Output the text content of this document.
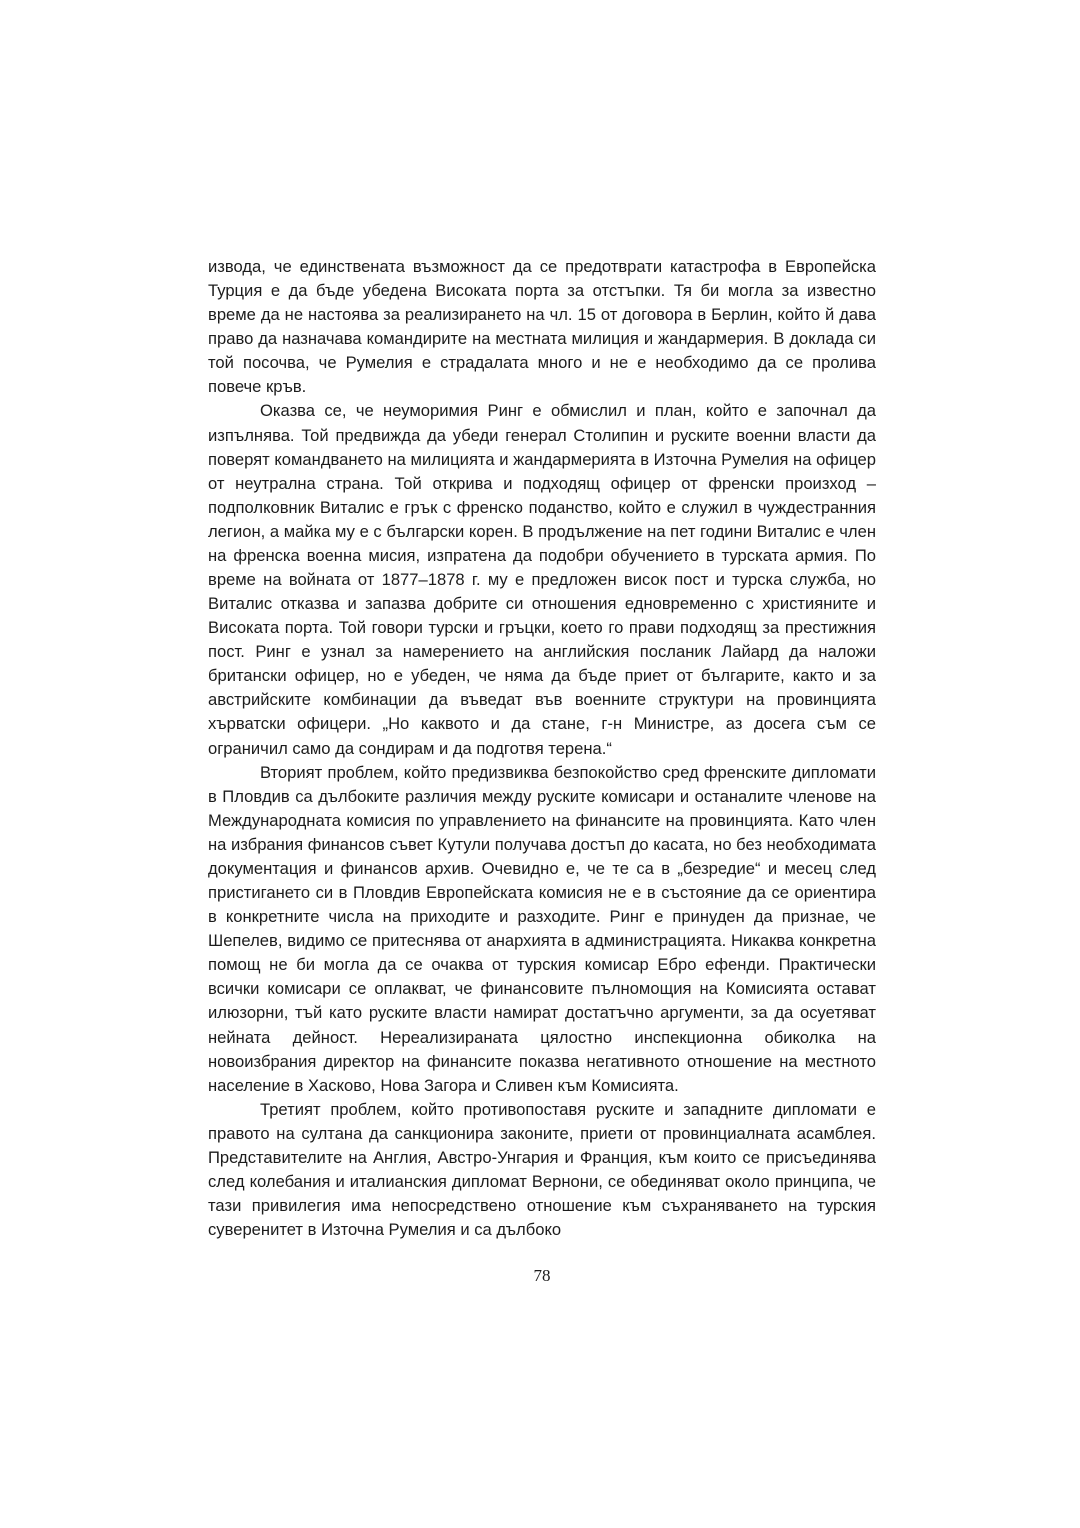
извода, че единствената възможност да се предотврати катастрофа в Европейска Турция е да бъде убедена Високата порта за отстъпки. Тя би могла за известно време да не настоява за реализирането на чл. 15 от договора в Берлин, който й дава право да назначава командирите на местната милиция и жандармерия. В доклада си той посочва, че Румелия е страдалата много и не е необходимо да се пролива повече кръв.

Оказва се, че неуморимия Ринг е обмислил и план, който е започнал да изпълнява. Той предвижда да убеди генерал Столипин и руските военни власти да поверят командването на милицията и жандармерията в Източна Румелия на офицер от неутрална страна. Той открива и подходящ офицер от френски произход – подполковник Виталис е грък с френско поданство, който е служил в чуждестранния легион, а майка му е с български корен. В продължение на пет години Виталис е член на френска военна мисия, изпратена да подобри обучението в турската армия. По време на войната от 1877–1878 г. му е предложен висок пост и турска служба, но Виталис отказва и запазва добрите си отношения едновременно с християните и Високата порта. Той говори турски и гръцки, което го прави подходящ за престижния пост. Ринг е узнал за намерението на английския посланик Лайард да наложи британски офицер, но е убеден, че няма да бъде приет от българите, както и за австрийските комбинации да въведат във военните структури на провинцията хърватски офицери. „Но каквото и да стане, г-н Министре, аз досега съм се ограничил само да сондирам и да подготвя терена.“

Вторият проблем, който предизвиква безпокойство сред френските дипломати в Пловдив са дълбоките различия между руските комисари и останалите членове на Международната комисия по управлението на финансите на провинцията. Като член на избрания финансов съвет Кутули получава достъп до касата, но без необходимата документация и финансов архив. Очевидно е, че те са в „безредие“ и месец след пристигането си в Пловдив Европейската комисия не е в състояние да се ориентира в конкретните числа на приходите и разходите. Ринг е принуден да признае, че Шепелев, видимо се притеснява от анархията в администрацията. Никаква конкретна помощ не би могла да се очаква от турския комисар Ебро ефенди. Практически всички комисари се оплакват, че финансовите пълномощия на Комисията остават илюзорни, тъй като руските власти намират достатъчно аргументи, за да осуетяват нейната дейност. Нереализираната цялостно инспекционна обиколка на новоизбрания директор на финансите показва негативното отношение на местното население в Хасково, Нова Загора и Сливен към Комисията.

Третият проблем, който противопоставя руските и западните дипломати е правото на султана да санкционира законите, приети от провинциалната асамблея. Представителите на Англия, Австро-Унгария и Франция, към които се присъединява след колебания и италианския дипломат Вернони, се обединяват около принципа, че тази привилегия има непосредствено отношение към съхраняването на турския суверенитет в Източна Румелия и са дълбоко

78
